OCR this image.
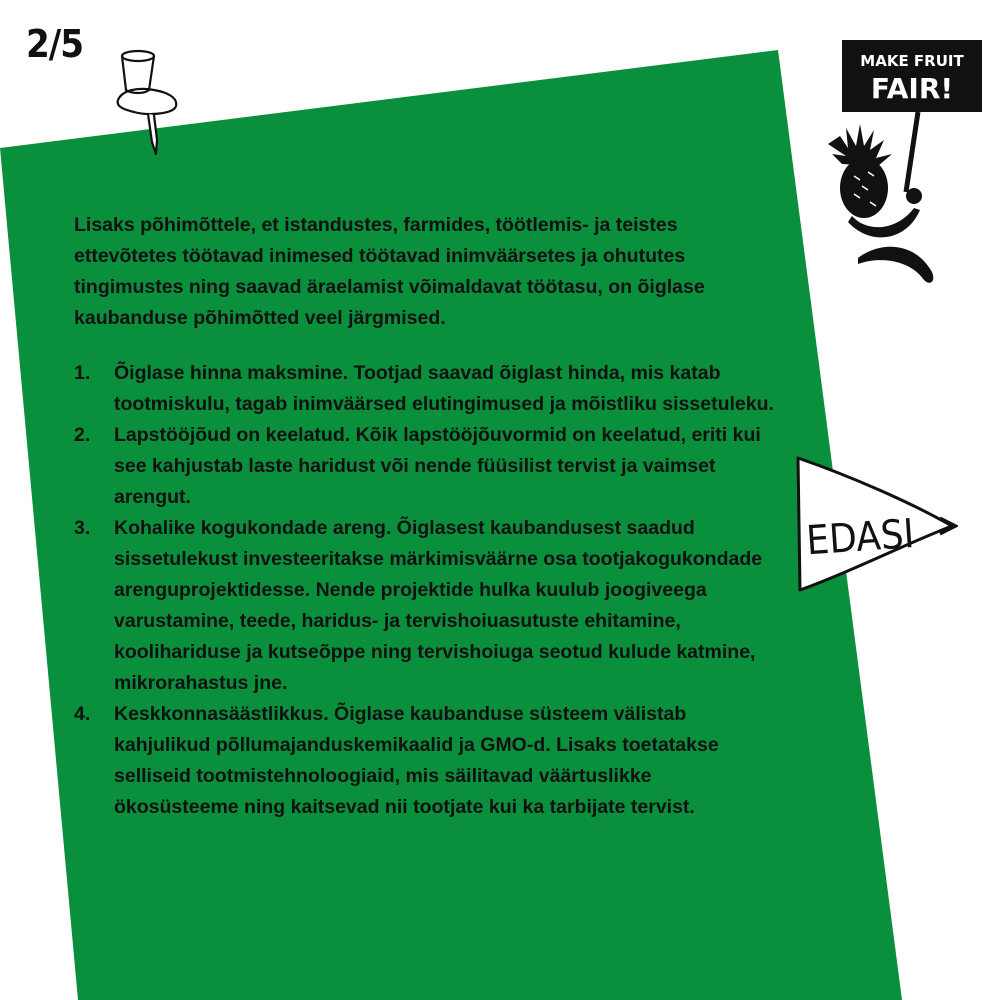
2/5	MAKE FRUIT
FAIR!
EDASI

Lisaks põhimõttele, et istandustes, farmides, töötlemis- ja teistes ettevõtetes töötavad inimesed töötavad inimväärsetes ja ohututes tingimustes ning saavad äraelamist võimaldavat töötasu, on õiglase kaubanduse põhimõtted veel järgmised.

1.	Õiglase hinna maksmine. Tootjad saavad õiglast hinda, mis katab tootmiskulu, tagab inimväärsed elutingimused ja mõistliku sissetuleku.
2.	Lapstööjõud on keelatud. Kõik lapstööjõuvormid on keelatud, eriti kui see kahjustab laste haridust või nende füüsilist tervist ja vaimset arengut.
3.	Kohalike kogukondade areng. Õiglasest kaubandusest saadud sissetulekust investeeritakse märkimisväärne osa tootjakogukondade arenguprojektidesse. Nende projektide hulka kuulub joogiveega varustamine, teede, haridus- ja tervishoiuasutuste ehitamine, koolihariduse ja kutseõppe ning tervishoiuga seotud kulude katmine, mikrorahastus jne.
4.	Keskkonnasäästlikkus. Õiglase kaubanduse süsteem välistab kahjulikud põllumajanduskemikaalid ja GMO-d. Lisaks toetatakse selliseid tootmistehnoloogiaid, mis säilitavad väärtuslikke ökosüsteeme ning kaitsevad nii tootjate kui ka tarbijate tervist.
